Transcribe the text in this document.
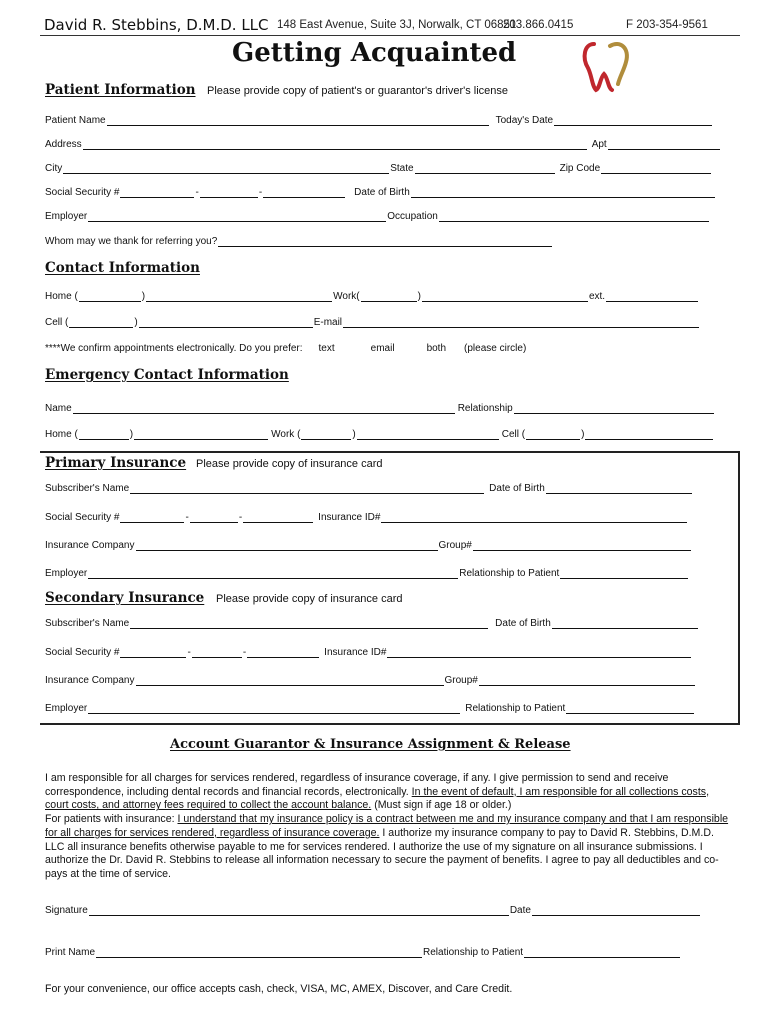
David R. Stebbins, D.M.D. LLC 148 East Avenue, Suite 3J, Norwalk, CT 06851
203.866.0415	F 203-354-9561
Getting Acquainted
Patient Information Please provide copy of patient's or guarantor's driver's license
Patient Name	Today's Date
Address	Apt
City	State	Zip Code
Social Security #	-	-	Date of Birth
Employer	Occupation
Whom may we thank for referring you?
Contact Information
Home (	)	Work(	)	ext.
Cell (	)	E-mail
****We confirm appointments electronically. Do you prefer: text	email	both (please circle)
Emergency Contact Information
Name	Relationship
Home (	)	Work (	)	Cell (	)
Primary Insurance Please provide copy of insurance card
Subscriber's Name	Date of Birth
Social Security #	-	-	Insurance ID#
Insurance Company	Group#
Employer	Relationship to Patient
Secondary Insurance Please provide copy of insurance card
Subscriber's Name	Date of Birth
Social Security #	-	-	Insurance ID#
Insurance Company	Group#
Employer	Relationship to Patient
Account Guarantor & Insurance Assignment & Release
I am responsible for all charges for services rendered, regardless of insurance coverage, if any. I give permission to send and receive correspondence, including dental records and financial records, electronically. In the event of default, I am responsible for all collections costs, court costs, and attorney fees required to collect the account balance. (Must sign if age 18 or older.)
For patients with insurance: I understand that my insurance policy is a contract between me and my insurance company and that I am responsible for all charges for services rendered, regardless of insurance coverage. I authorize my insurance company to pay to David R. Stebbins, D.M.D. LLC all insurance benefits otherwise payable to me for services rendered. I authorize the use of my signature on all insurance submissions. I authorize the Dr. David R. Stebbins to release all information necessary to secure the payment of benefits. I agree to pay all deductibles and co-pays at the time of service.
Signature	Date
Print Name	Relationship to Patient
For your convenience, our office accepts cash, check, VISA, MC, AMEX, Discover, and Care Credit.
